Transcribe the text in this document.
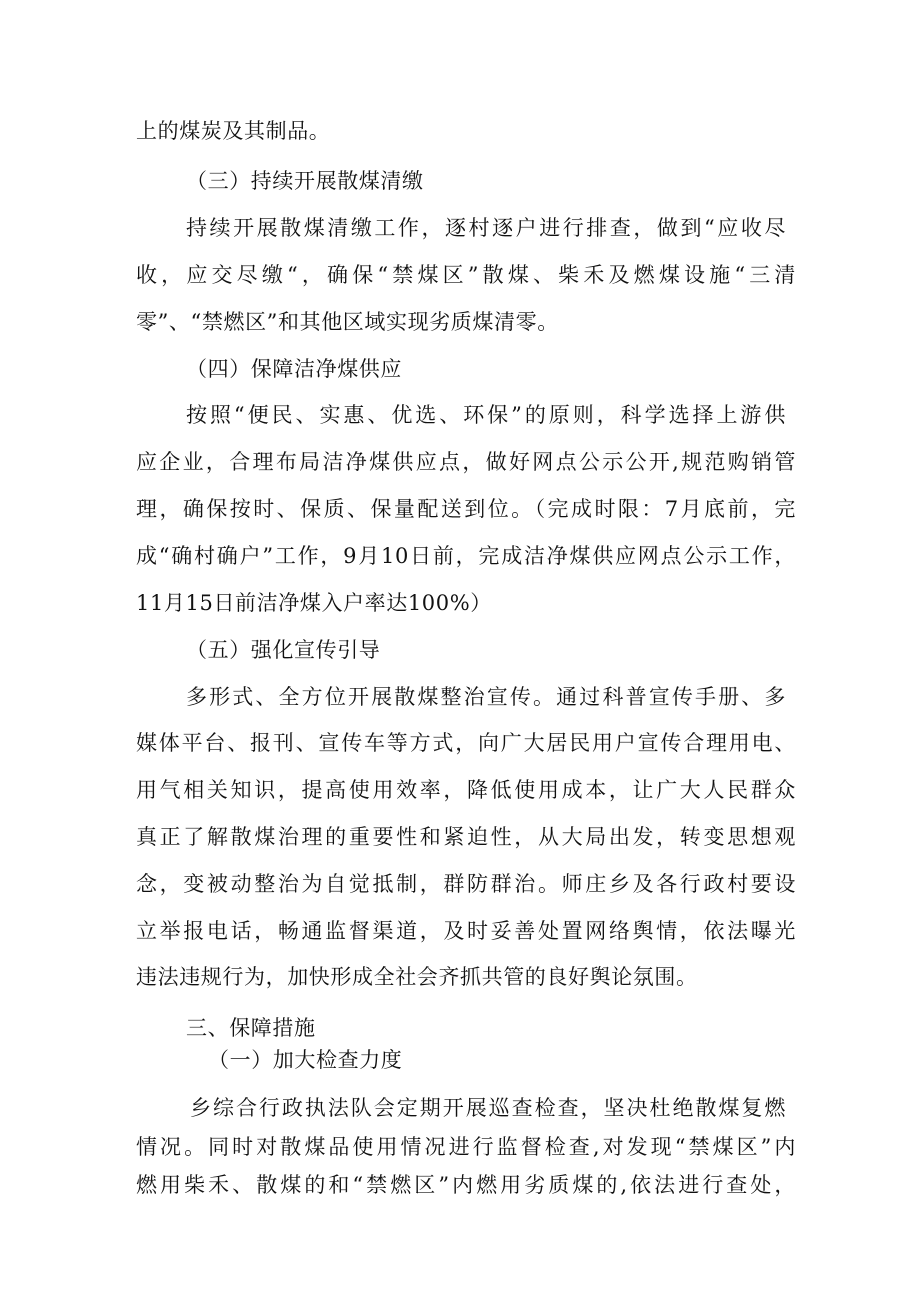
上的煤炭及其制品。
（三）持续开展散煤清缴
持续开展散煤清缴工作，逐村逐户进行排查，做到“应收尽
收，应交尽缴“，确保“禁煤区”散煤、柴禾及燃煤设施“三清
零”、“禁燃区”和其他区域实现劣质煤清零。
（四）保障洁净煤供应
按照“便民、实惠、优选、环保”的原则，科学选择上游供
应企业，合理布局洁净煤供应点，做好网点公示公开,规范购销管
理，确保按时、保质、保量配送到位。（完成时限：7月底前，完
成“确村确户”工作，9月10日前，完成洁净煤供应网点公示工作，
11月15日前洁净煤入户率达100%）
（五）强化宣传引导
多形式、全方位开展散煤整治宣传。通过科普宣传手册、多
媒体平台、报刊、宣传车等方式，向广大居民用户宣传合理用电、
用气相关知识，提高使用效率，降低使用成本，让广大人民群众
真正了解散煤治理的重要性和紧迫性，从大局出发，转变思想观
念，变被动整治为自觉抵制，群防群治。师庄乡及各行政村要设
立举报电话，畅通监督渠道，及时妥善处置网络舆情，依法曝光
违法违规行为，加快形成全社会齐抓共管的良好舆论氛围。
三、保障措施
（一）加大检查力度
乡综合行政执法队会定期开展巡查检查，坚决杜绝散煤复燃
情况。同时对散煤品使用情况进行监督检查,对发现“禁煤区”内
燃用柴禾、散煤的和“禁燃区”内燃用劣质煤的,依法进行查处，
